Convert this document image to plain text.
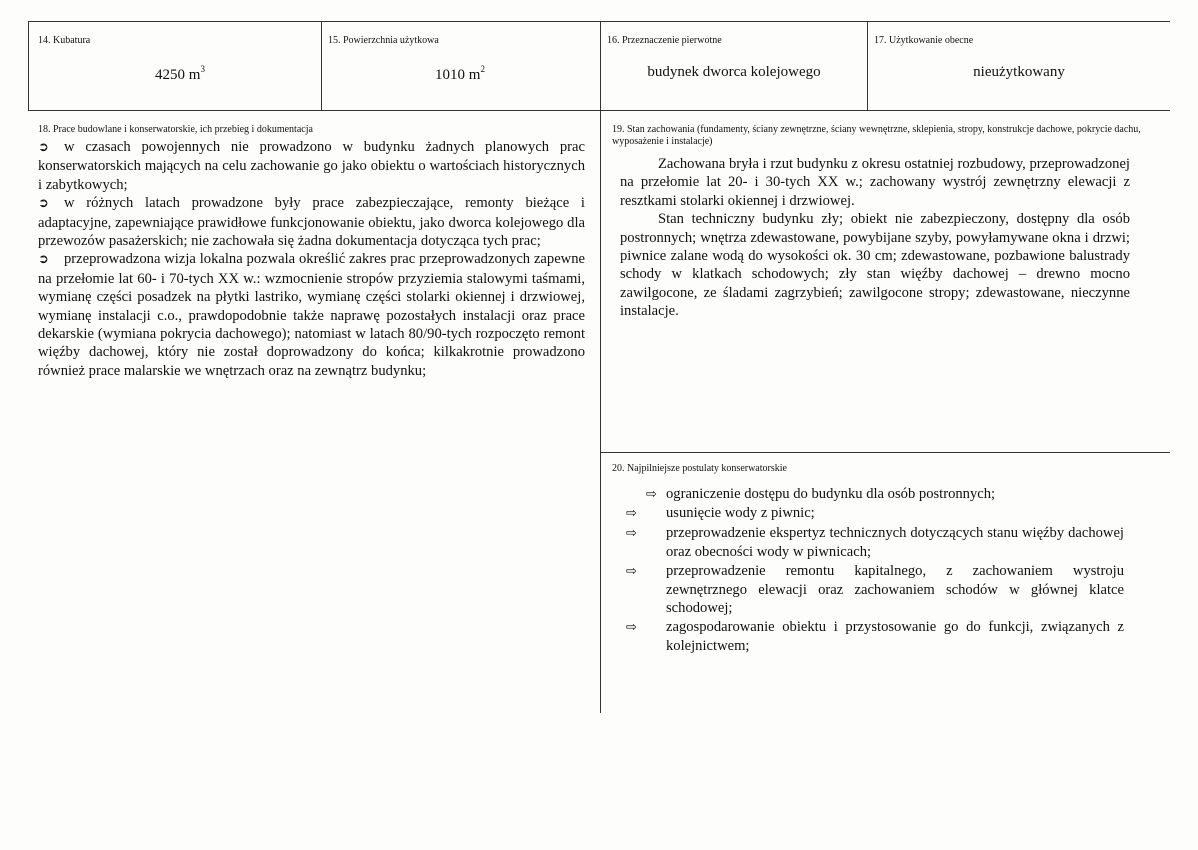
14. Kubatura
4250 $m^3$
15. Powierzchnia użytkowa
1010 $m^2$
16. Przeznaczenie pierwotne
budynek dworca kolejowego
17. Użytkowanie obecne
nieużytkowany
18. Prace budowlane i konserwatorskie, ich przebieg i dokumentacja

➲ w czasach powojennych nie prowadzono w budynku żadnych planowych prac konserwatorskich mających na celu zachowanie go jako obiektu o wartościach historycznych i zabytkowych;

➲ w różnych latach prowadzone były prace zabezpieczające, remonty bieżące i adaptacyjne, zapewniające prawidłowe funkcjonowanie obiektu, jako dworca kolejowego dla przewozów pasażerskich; nie zachowała się żadna dokumentacja dotycząca tych prac;

➲ przeprowadzona wizja lokalna pozwala określić zakres prac przeprowadzonych zapewne na przełomie lat 60- i 70-tych XX w.: wzmocnienie stropów przyziemia stalowymi taśmami, wymianę części posadzek na płytki lastriko, wymianę części stolarki okiennej i drzwiowej, wymianę instalacji c.o., prawdopodobnie także naprawę pozostałych instalacji oraz prace dekarskie (wymiana pokrycia dachowego); natomiast w latach 80/90-tych rozpoczęto remont więźby dachowej, który nie został doprowadzony do końca; kilkakrotnie prowadzono również prace malarskie we wnętrzach oraz na zewnątrz budynku;

19. Stan zachowania (fundamenty, ściany zewnętrzne, ściany wewnętrzne, sklepienia, stropy, konstrukcje dachowe, pokrycie dachu, wyposażenie i instalacje)

Zachowana bryła i rzut budynku z okresu ostatniej rozbudowy, przeprowadzonej na przełomie lat 20- i 30-tych XX w.; zachowany wystrój zewnętrzny elewacji z resztkami stolarki okiennej i drzwiowej.

Stan techniczny budynku zły; obiekt nie zabezpieczony, dostępny dla osób postronnych; wnętrza zdewastowane, powybijane szyby, powyłamywane okna i drzwi; piwnice zalane wodą do wysokości ok. 30 cm; zdewastowane, pozbawione balustrady schody w klatkach schodowych; zły stan więźby dachowej – drewno mocno zawilgocone, ze śladami zagrzybień; zawilgocone stropy; zdewastowane, nieczynne instalacje.

20. Najpilniejsze postulaty konserwatorskie

⇨ ograniczenie dostępu do budynku dla osób postronnych;

⇨ usunięcie wody z piwnic;

⇨ przeprowadzenie ekspertyz technicznych dotyczących stanu więźby dachowej oraz obecności wody w piwnicach;

⇨ przeprowadzenie remontu kapitalnego, z zachowaniem wystroju zewnętrznego elewacji oraz zachowaniem schodów w głównej klatce schodowej;

⇨ zagospodarowanie obiektu i przystosowanie go do funkcji, związanych z kolejnictwem;
